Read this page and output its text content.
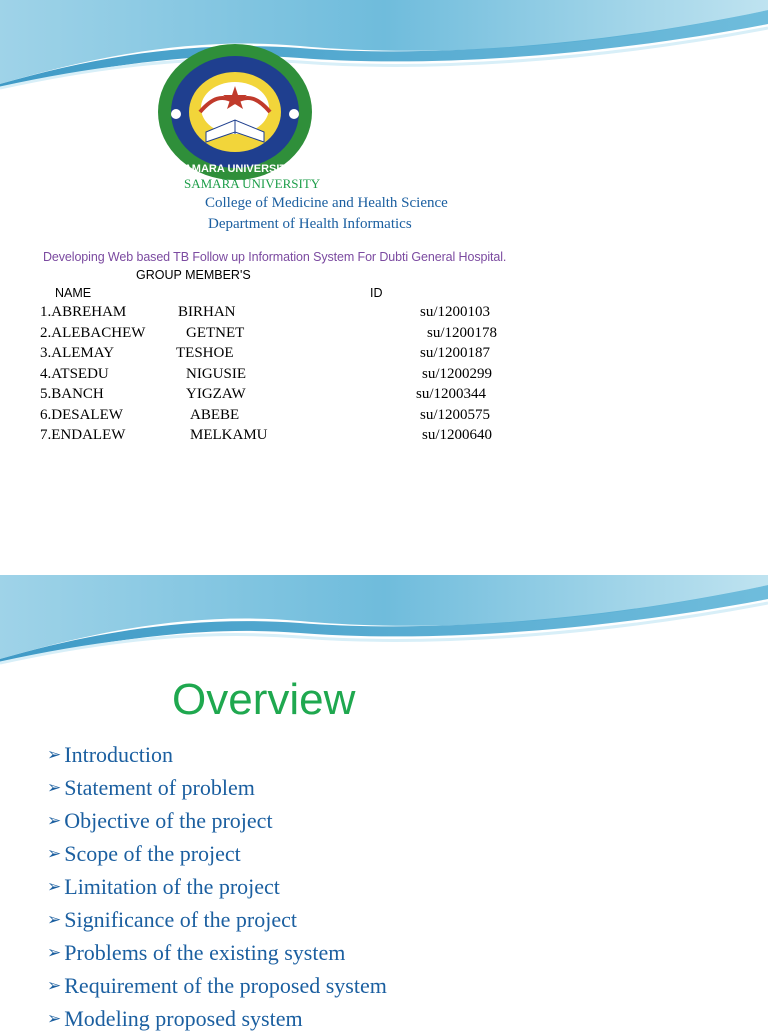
SAMARA UNIVERSITY

SAMARA UNIVERSITY

College of Medicine and Health Science

Department of Health Informatics

Developing Web based TB Follow up Information System For Dubti General Hospital.

GROUP MEMBER'S

NAME	ID

1.ABREHAM	BIRHAN	su/1200103

2.ALEBACHEW	GETNET	su/1200178

3.ALEMAY	TESHOE	su/1200187

4.ATSEDU	NIGUSIE	su/1200299

5.BANCH	YIGZAW	su/1200344

6.DESALEW	ABEBE	su/1200575

7.ENDALEW	MELKAMU	su/1200640

Overview

➢ Introduction
➢ Statement of problem
➢ Objective of the project
➢ Scope of the project
➢ Limitation of the project
➢ Significance of the project
➢ Problems of the existing system
➢ Requirement of the proposed system
➢ Modeling proposed system
